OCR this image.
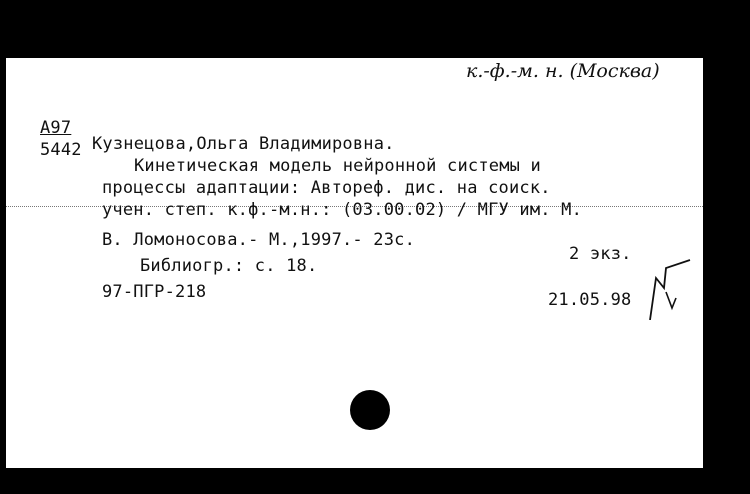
к.-ф.-м. н. (Москва)
А97
5442 Кузнецова,Ольга Владимировна.
Кинетическая модель нейронной системы и
процессы адаптации: Автореф. дис. на соиск.
учен. степ. к.ф.-м.н.: (03.00.02) / МГУ им. М.
В. Ломоносова.- М.,1997.- 23с.
2 экз.
Библиогр.: с. 18.
97-ПГР-218	21.05.98
